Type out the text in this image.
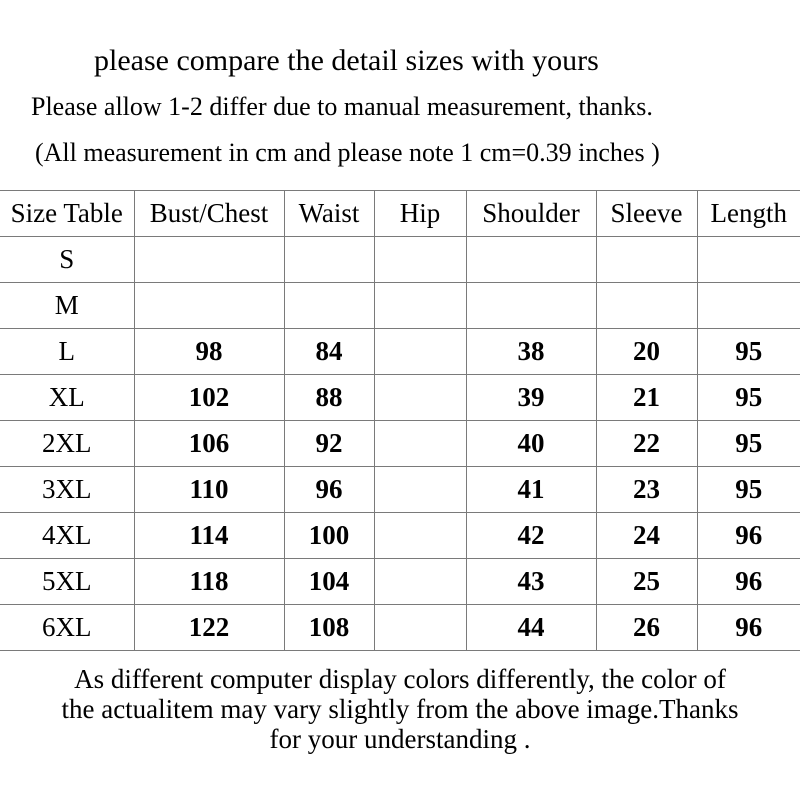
please compare the detail sizes with yours
Please allow 1-2 differ due to manual measurement, thanks.
(All measurement in cm and please note 1 cm=0.39 inches )
Size Table	Bust/Chest	Waist	Hip	Shoulder	Sleeve	Length
S						
M						
L	98	84		38	20	95
XL	102	88		39	21	95
2XL	106	92		40	22	95
3XL	110	96		41	23	95
4XL	114	100		42	24	96
5XL	118	104		43	25	96
6XL	122	108		44	26	96
As different computer display colors differently, the color of
the actualitem may vary slightly from the above image.Thanks
for your understanding .
